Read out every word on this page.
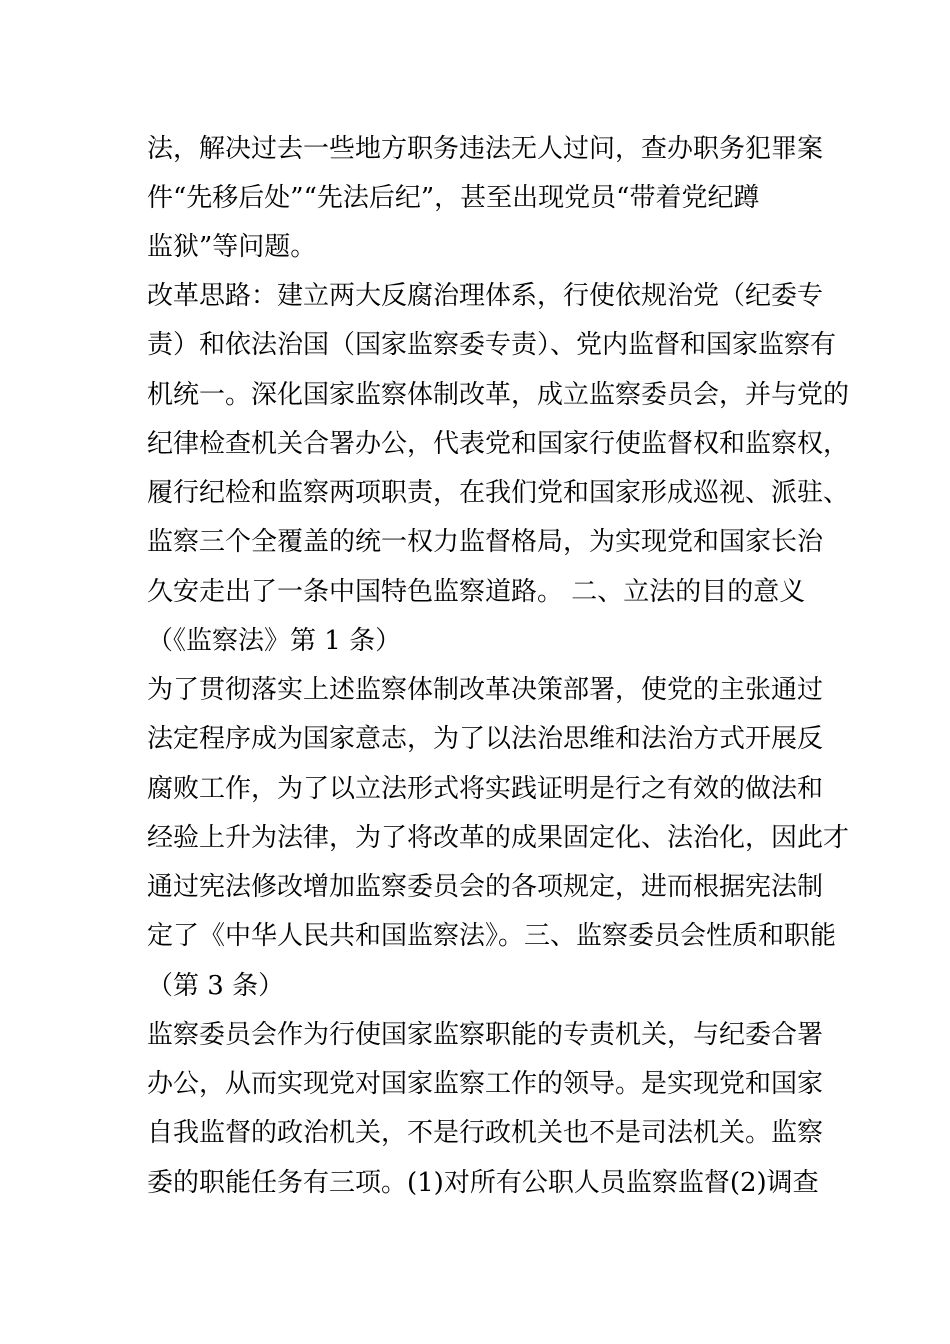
法，解决过去一些地方职务违法无人过问，查办职务犯罪案
件“先移后处”“先法后纪”，甚至出现党员“带着党纪蹲
监狱”等问题。
改革思路：建立两大反腐治理体系，行使依规治党（纪委专
责）和依法治国（国家监察委专责）、党内监督和国家监察有
机统一。深化国家监察体制改革，成立监察委员会，并与党的
纪律检查机关合署办公，代表党和国家行使监督权和监察权，
履行纪检和监察两项职责，在我们党和国家形成巡视、派驻、
监察三个全覆盖的统一权力监督格局，为实现党和国家长治
久安走出了一条中国特色监察道路。 二、立法的目的意义
（《监察法》第 1 条）
为了贯彻落实上述监察体制改革决策部署，使党的主张通过
法定程序成为国家意志，为了以法治思维和法治方式开展反
腐败工作，为了以立法形式将实践证明是行之有效的做法和
经验上升为法律，为了将改革的成果固定化、法治化，因此才
通过宪法修改增加监察委员会的各项规定，进而根据宪法制
定了《中华人民共和国监察法》。三、监察委员会性质和职能
（第 3 条）
监察委员会作为行使国家监察职能的专责机关，与纪委合署
办公，从而实现党对国家监察工作的领导。是实现党和国家
自我监督的政治机关，不是行政机关也不是司法机关。监察
委的职能任务有三项。(1)对所有公职人员监察监督(2)调查
